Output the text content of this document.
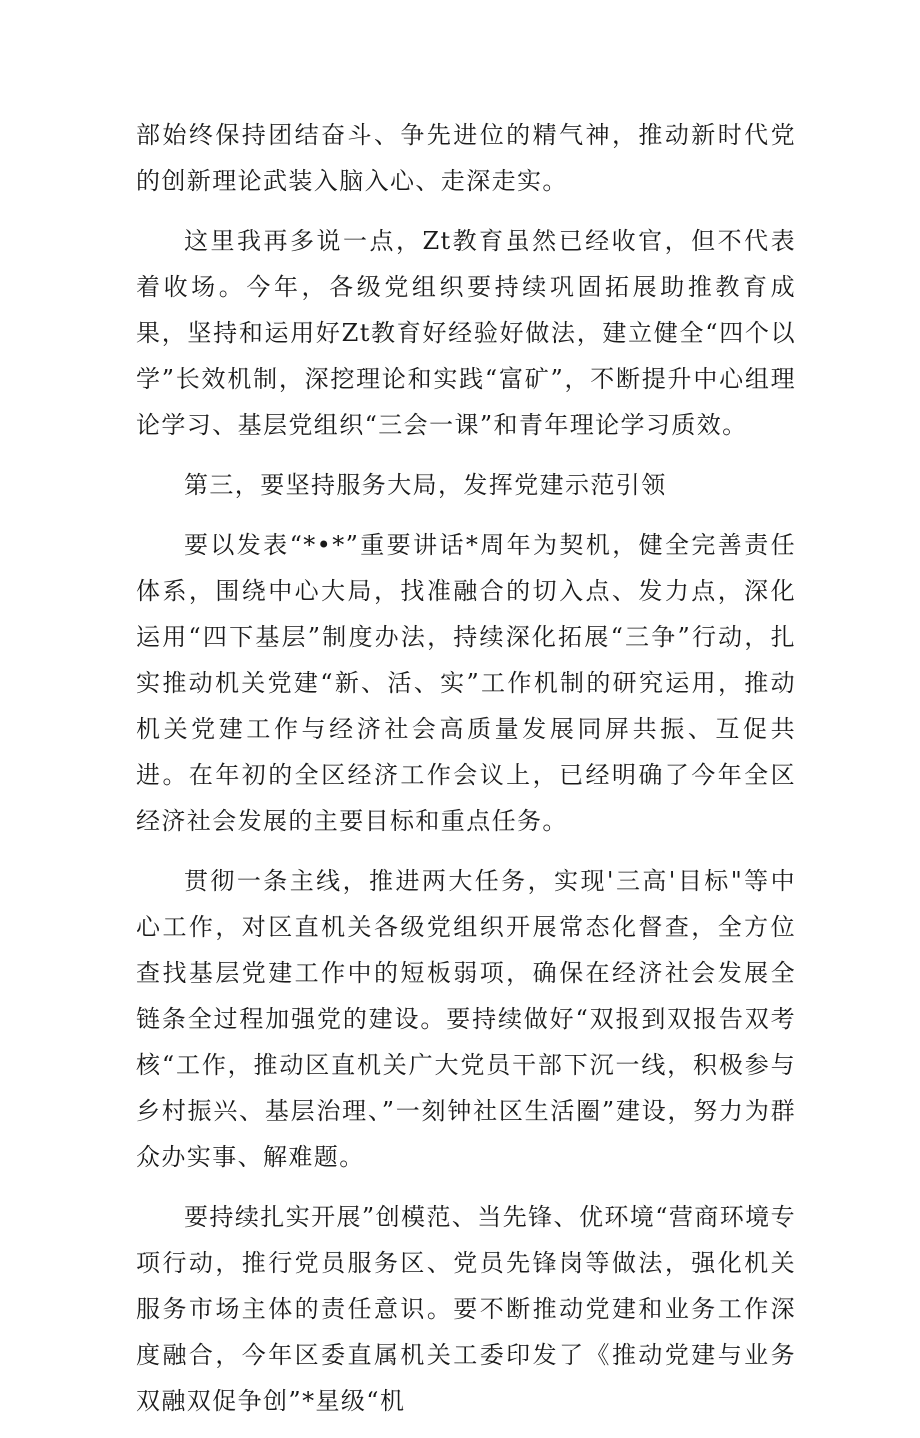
部始终保持团结奋斗、争先进位的精气神，推动新时代党的创新理论武装入脑入心、走深走实。

这里我再多说一点，Zt教育虽然已经收官，但不代表着收场。今年，各级党组织要持续巩固拓展助推教育成果，坚持和运用好Zt教育好经验好做法，建立健全“四个以学”长效机制，深挖理论和实践“富矿”，不断提升中心组理论学习、基层党组织“三会一课”和青年理论学习质效。

第三，要坚持服务大局，发挥党建示范引领

要以发表“*•*”重要讲话*周年为契机，健全完善责任体系，围绕中心大局，找准融合的切入点、发力点，深化运用“四下基层”制度办法，持续深化拓展“三争”行动，扎实推动机关党建“新、活、实”工作机制的研究运用，推动机关党建工作与经济社会高质量发展同屏共振、互促共进。在年初的全区经济工作会议上，已经明确了今年全区经济社会发展的主要目标和重点任务。

贯彻一条主线，推进两大任务，实现'三高'目标"等中心工作，对区直机关各级党组织开展常态化督查，全方位查找基层党建工作中的短板弱项，确保在经济社会发展全链条全过程加强党的建设。要持续做好“双报到双报告双考核“工作，推动区直机关广大党员干部下沉一线，积极参与乡村振兴、基层治理、”一刻钟社区生活圈”建设，努力为群众办实事、解难题。

要持续扎实开展”创模范、当先锋、优环境“营商环境专项行动，推行党员服务区、党员先锋岗等做法，强化机关服务市场主体的责任意识。要不断推动党建和业务工作深度融合，今年区委直属机关工委印发了《推动党建与业务双融双促争创”*星级“机
